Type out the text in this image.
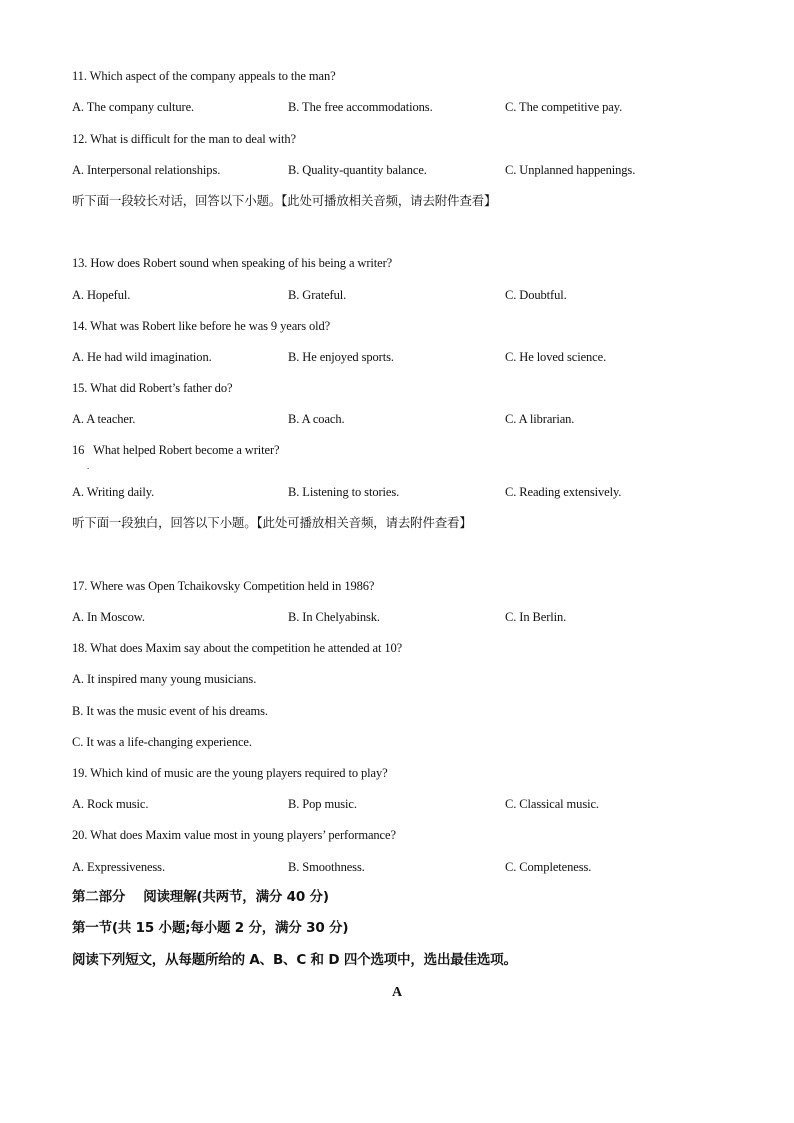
11. Which aspect of the company appeals to the man?
A. The company culture.	B. The free accommodations.	C. The competitive pay.
12. What is difficult for the man to deal with?
A. Interpersonal relationships.	B. Quality-quantity balance.	C. Unplanned happenings.
听下面一段较长对话，回答以下小题。【此处可播放相关音频，请去附件查看】
13. How does Robert sound when speaking of his being a writer?
A. Hopeful.	B. Grateful.	C. Doubtful.
14. What was Robert like before he was 9 years old?
A. He had wild imagination.	B. He enjoyed sports.	C. He loved science.
15. What did Robert’s father do?
A. A teacher.	B. A coach.	C. A librarian.
16   What helped Robert become a writer?
.
A. Writing daily.	B. Listening to stories.	C. Reading extensively.
听下面一段独白，回答以下小题。【此处可播放相关音频，请去附件查看】
17. Where was Open Tchaikovsky Competition held in 1986?
A. In Moscow.	B. In Chelyabinsk.	C. In Berlin.
18. What does Maxim say about the competition he attended at 10?
A. It inspired many young musicians.
B. It was the music event of his dreams.
C. It was a life-changing experience.
19. Which kind of music are the young players required to play?
A. Rock music.	B. Pop music.	C. Classical music.
20. What does Maxim value most in young players’ performance?
A. Expressiveness.	B. Smoothness.	C. Completeness.
第二部分    阅读理解(共两节，满分 40 分)
第一节(共 15 小题;每小题 2 分，满分 30 分)
阅读下列短文，从每题所给的 A、B、C 和 D 四个选项中，选出最佳选项。
A
